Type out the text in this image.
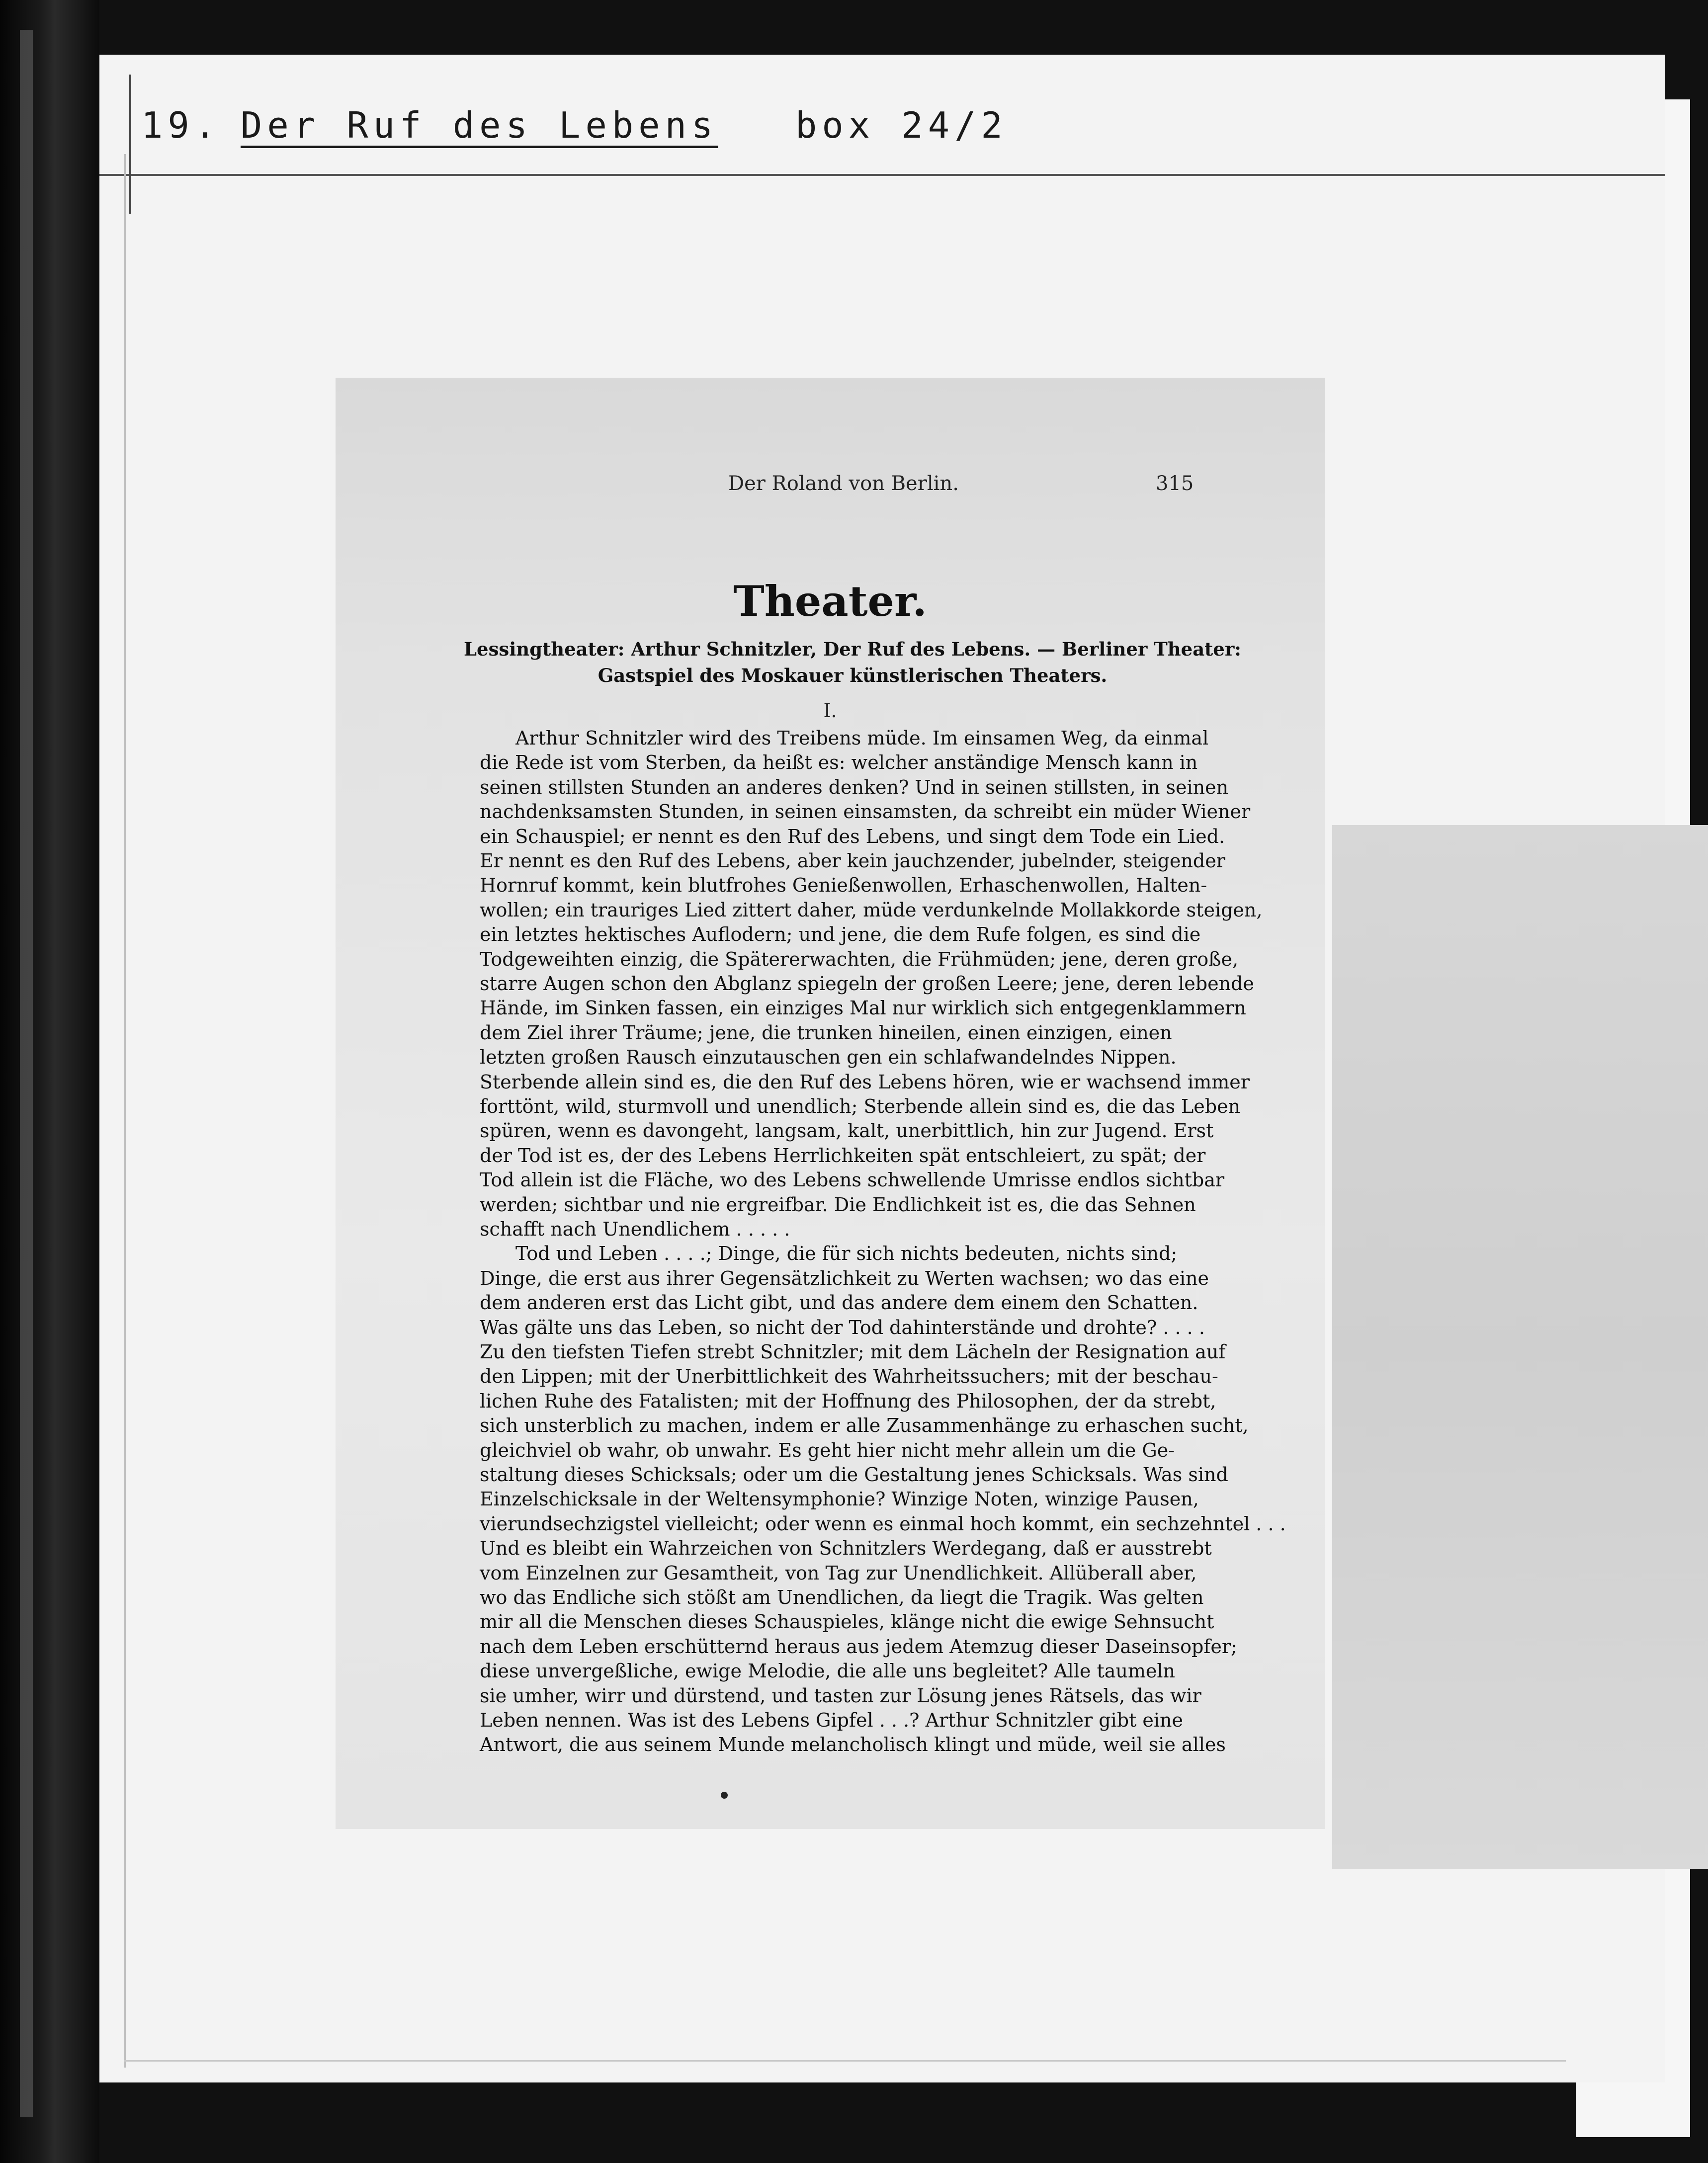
19. Der Ruf des Lebens box 24/2
Der Roland von Berlin.	315
Theater.
Lessingtheater: Arthur Schnitzler, Der Ruf des Lebens. — Berliner Theater: Gastspiel des Moskauer künstlerischen Theaters.
I.
Arthur Schnitzler wird des Treibens müde. Im einsamen Weg, da einmal
die Rede ist vom Sterben, da heißt es: welcher anständige Mensch kann in
seinen stillsten Stunden an anderes denken? Und in seinen stillsten, in seinen
nachdenksamsten Stunden, in seinen einsamsten, da schreibt ein müder Wiener
ein Schauspiel; er nennt es den Ruf des Lebens, und singt dem Tode ein Lied.
Er nennt es den Ruf des Lebens, aber kein jauchzender, jubelnder, steigender
Hornruf kommt, kein blutfrohes Genießenwollen, Erhaschenwollen, Halten-
wollen; ein trauriges Lied zittert daher, müde verdunkelnde Mollakkorde steigen,
ein letztes hektisches Auflodern; und jene, die dem Rufe folgen, es sind die
Todgeweihten einzig, die Spätererwachten, die Frühmüden; jene, deren große,
starre Augen schon den Abglanz spiegeln der großen Leere; jene, deren lebende
Hände, im Sinken fassen, ein einziges Mal nur wirklich sich entgegenklammern
dem Ziel ihrer Träume; jene, die trunken hineilen, einen einzigen, einen
letzten großen Rausch einzutauschen gen ein schlafwandelndes Nippen.
Sterbende allein sind es, die den Ruf des Lebens hören, wie er wachsend immer
forttönt, wild, sturmvoll und unendlich; Sterbende allein sind es, die das Leben
spüren, wenn es davongeht, langsam, kalt, unerbittlich, hin zur Jugend. Erst
der Tod ist es, der des Lebens Herrlichkeiten spät entschleiert, zu spät; der
Tod allein ist die Fläche, wo des Lebens schwellende Umrisse endlos sichtbar
werden; sichtbar und nie ergreifbar. Die Endlichkeit ist es, die das Sehnen
schafft nach Unendlichem . . . . .
Tod und Leben . . . .; Dinge, die für sich nichts bedeuten, nichts sind;
Dinge, die erst aus ihrer Gegensätzlichkeit zu Werten wachsen; wo das eine
dem anderen erst das Licht gibt, und das andere dem einem den Schatten.
Was gälte uns das Leben, so nicht der Tod dahinterstände und drohte? . . . .
Zu den tiefsten Tiefen strebt Schnitzler; mit dem Lächeln der Resignation auf
den Lippen; mit der Unerbittlichkeit des Wahrheitssuchers; mit der beschau-
lichen Ruhe des Fatalisten; mit der Hoffnung des Philosophen, der da strebt,
sich unsterblich zu machen, indem er alle Zusammenhänge zu erhaschen sucht,
gleichviel ob wahr, ob unwahr. Es geht hier nicht mehr allein um die Ge-
staltung dieses Schicksals; oder um die Gestaltung jenes Schicksals. Was sind
Einzelschicksale in der Weltensymphonie? Winzige Noten, winzige Pausen,
vierundsechzigstel vielleicht; oder wenn es einmal hoch kommt, ein sechzehntel . . .
Und es bleibt ein Wahrzeichen von Schnitzlers Werdegang, daß er ausstrebt
vom Einzelnen zur Gesamtheit, von Tag zur Unendlichkeit. Allüberall aber,
wo das Endliche sich stößt am Unendlichen, da liegt die Tragik. Was gelten
mir all die Menschen dieses Schauspieles, klänge nicht die ewige Sehnsucht
nach dem Leben erschütternd heraus aus jedem Atemzug dieser Daseinsopfer;
diese unvergeßliche, ewige Melodie, die alle uns begleitet? Alle taumeln
sie umher, wirr und dürstend, und tasten zur Lösung jenes Rätsels, das wir
Leben nennen. Was ist des Lebens Gipfel . . .? Arthur Schnitzler gibt eine
Antwort, die aus seinem Munde melancholisch klingt und müde, weil sie alles
